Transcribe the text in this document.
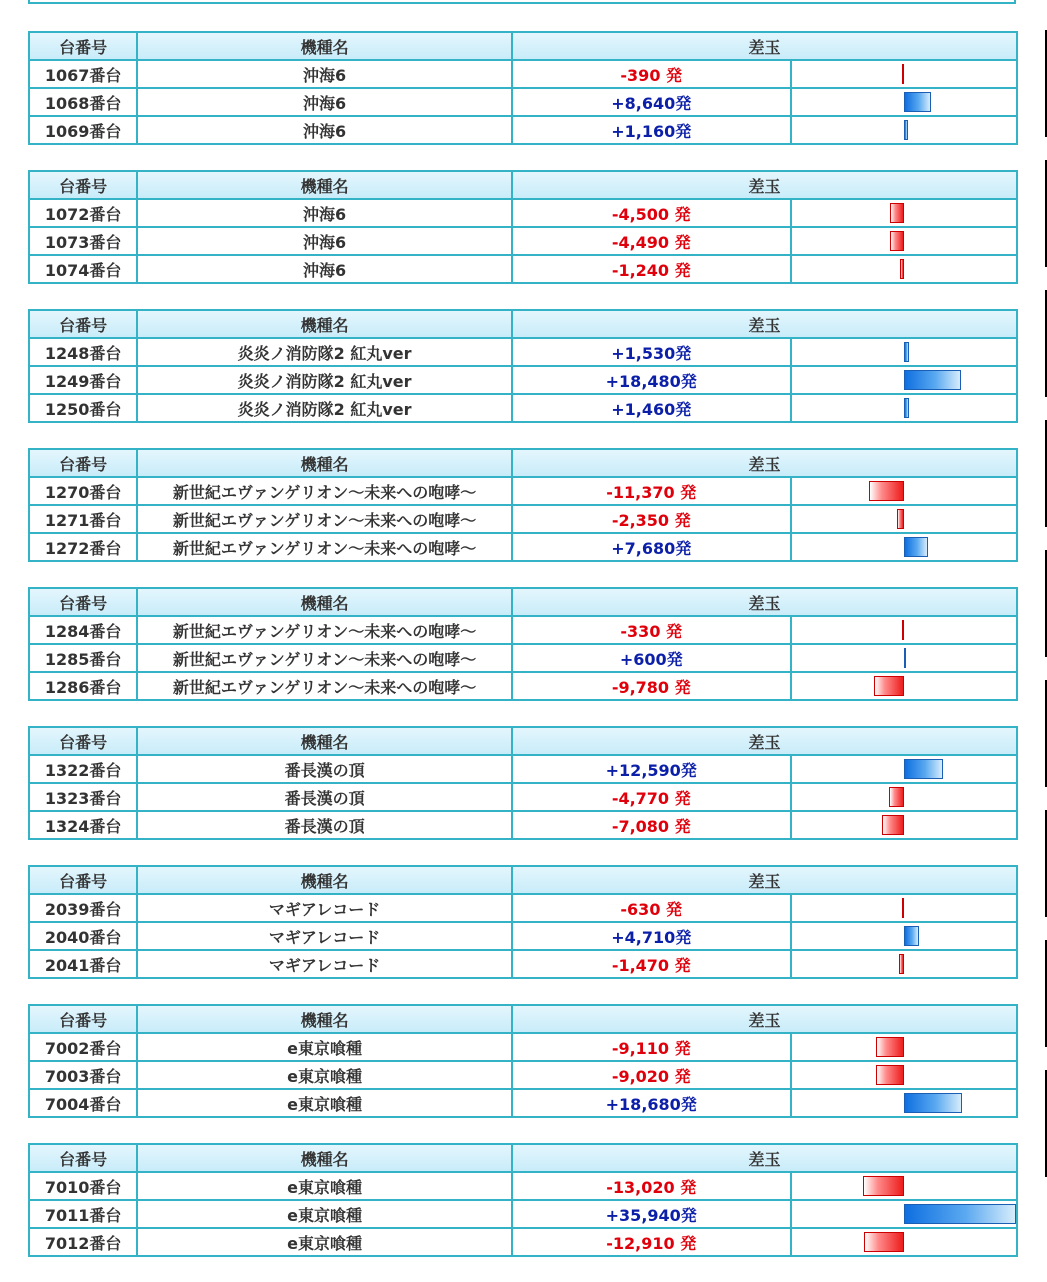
台番号	機種名	差玉	
1067番台	沖海6	-390 発	

1068番台	沖海6	+8,640発	

1069番台	沖海6	+1,160発	
台番号	機種名	差玉	
1072番台	沖海6	-4,500 発	

1073番台	沖海6	-4,490 発	

1074番台	沖海6	-1,240 発	
台番号	機種名	差玉	
1248番台	炎炎ノ消防隊2 紅丸ver	+1,530発	

1249番台	炎炎ノ消防隊2 紅丸ver	+18,480発	

1250番台	炎炎ノ消防隊2 紅丸ver	+1,460発	
台番号	機種名	差玉	
1270番台	新世紀エヴァンゲリオン～未来への咆哮～	-11,370 発	

1271番台	新世紀エヴァンゲリオン～未来への咆哮～	-2,350 発	

1272番台	新世紀エヴァンゲリオン～未来への咆哮～	+7,680発	
台番号	機種名	差玉	
1284番台	新世紀エヴァンゲリオン～未来への咆哮～	-330 発	

1285番台	新世紀エヴァンゲリオン～未来への咆哮～	+600発	

1286番台	新世紀エヴァンゲリオン～未来への咆哮～	-9,780 発	
台番号	機種名	差玉	
1322番台	番長漢の頂	+12,590発	

1323番台	番長漢の頂	-4,770 発	

1324番台	番長漢の頂	-7,080 発	
台番号	機種名	差玉	
2039番台	マギアレコード	-630 発	

2040番台	マギアレコード	+4,710発	

2041番台	マギアレコード	-1,470 発	
台番号	機種名	差玉	
7002番台	e東京喰種	-9,110 発	

7003番台	e東京喰種	-9,020 発	

7004番台	e東京喰種	+18,680発	
台番号	機種名	差玉	
7010番台	e東京喰種	-13,020 発	

7011番台	e東京喰種	+35,940発	

7012番台	e東京喰種	-12,910 発	
